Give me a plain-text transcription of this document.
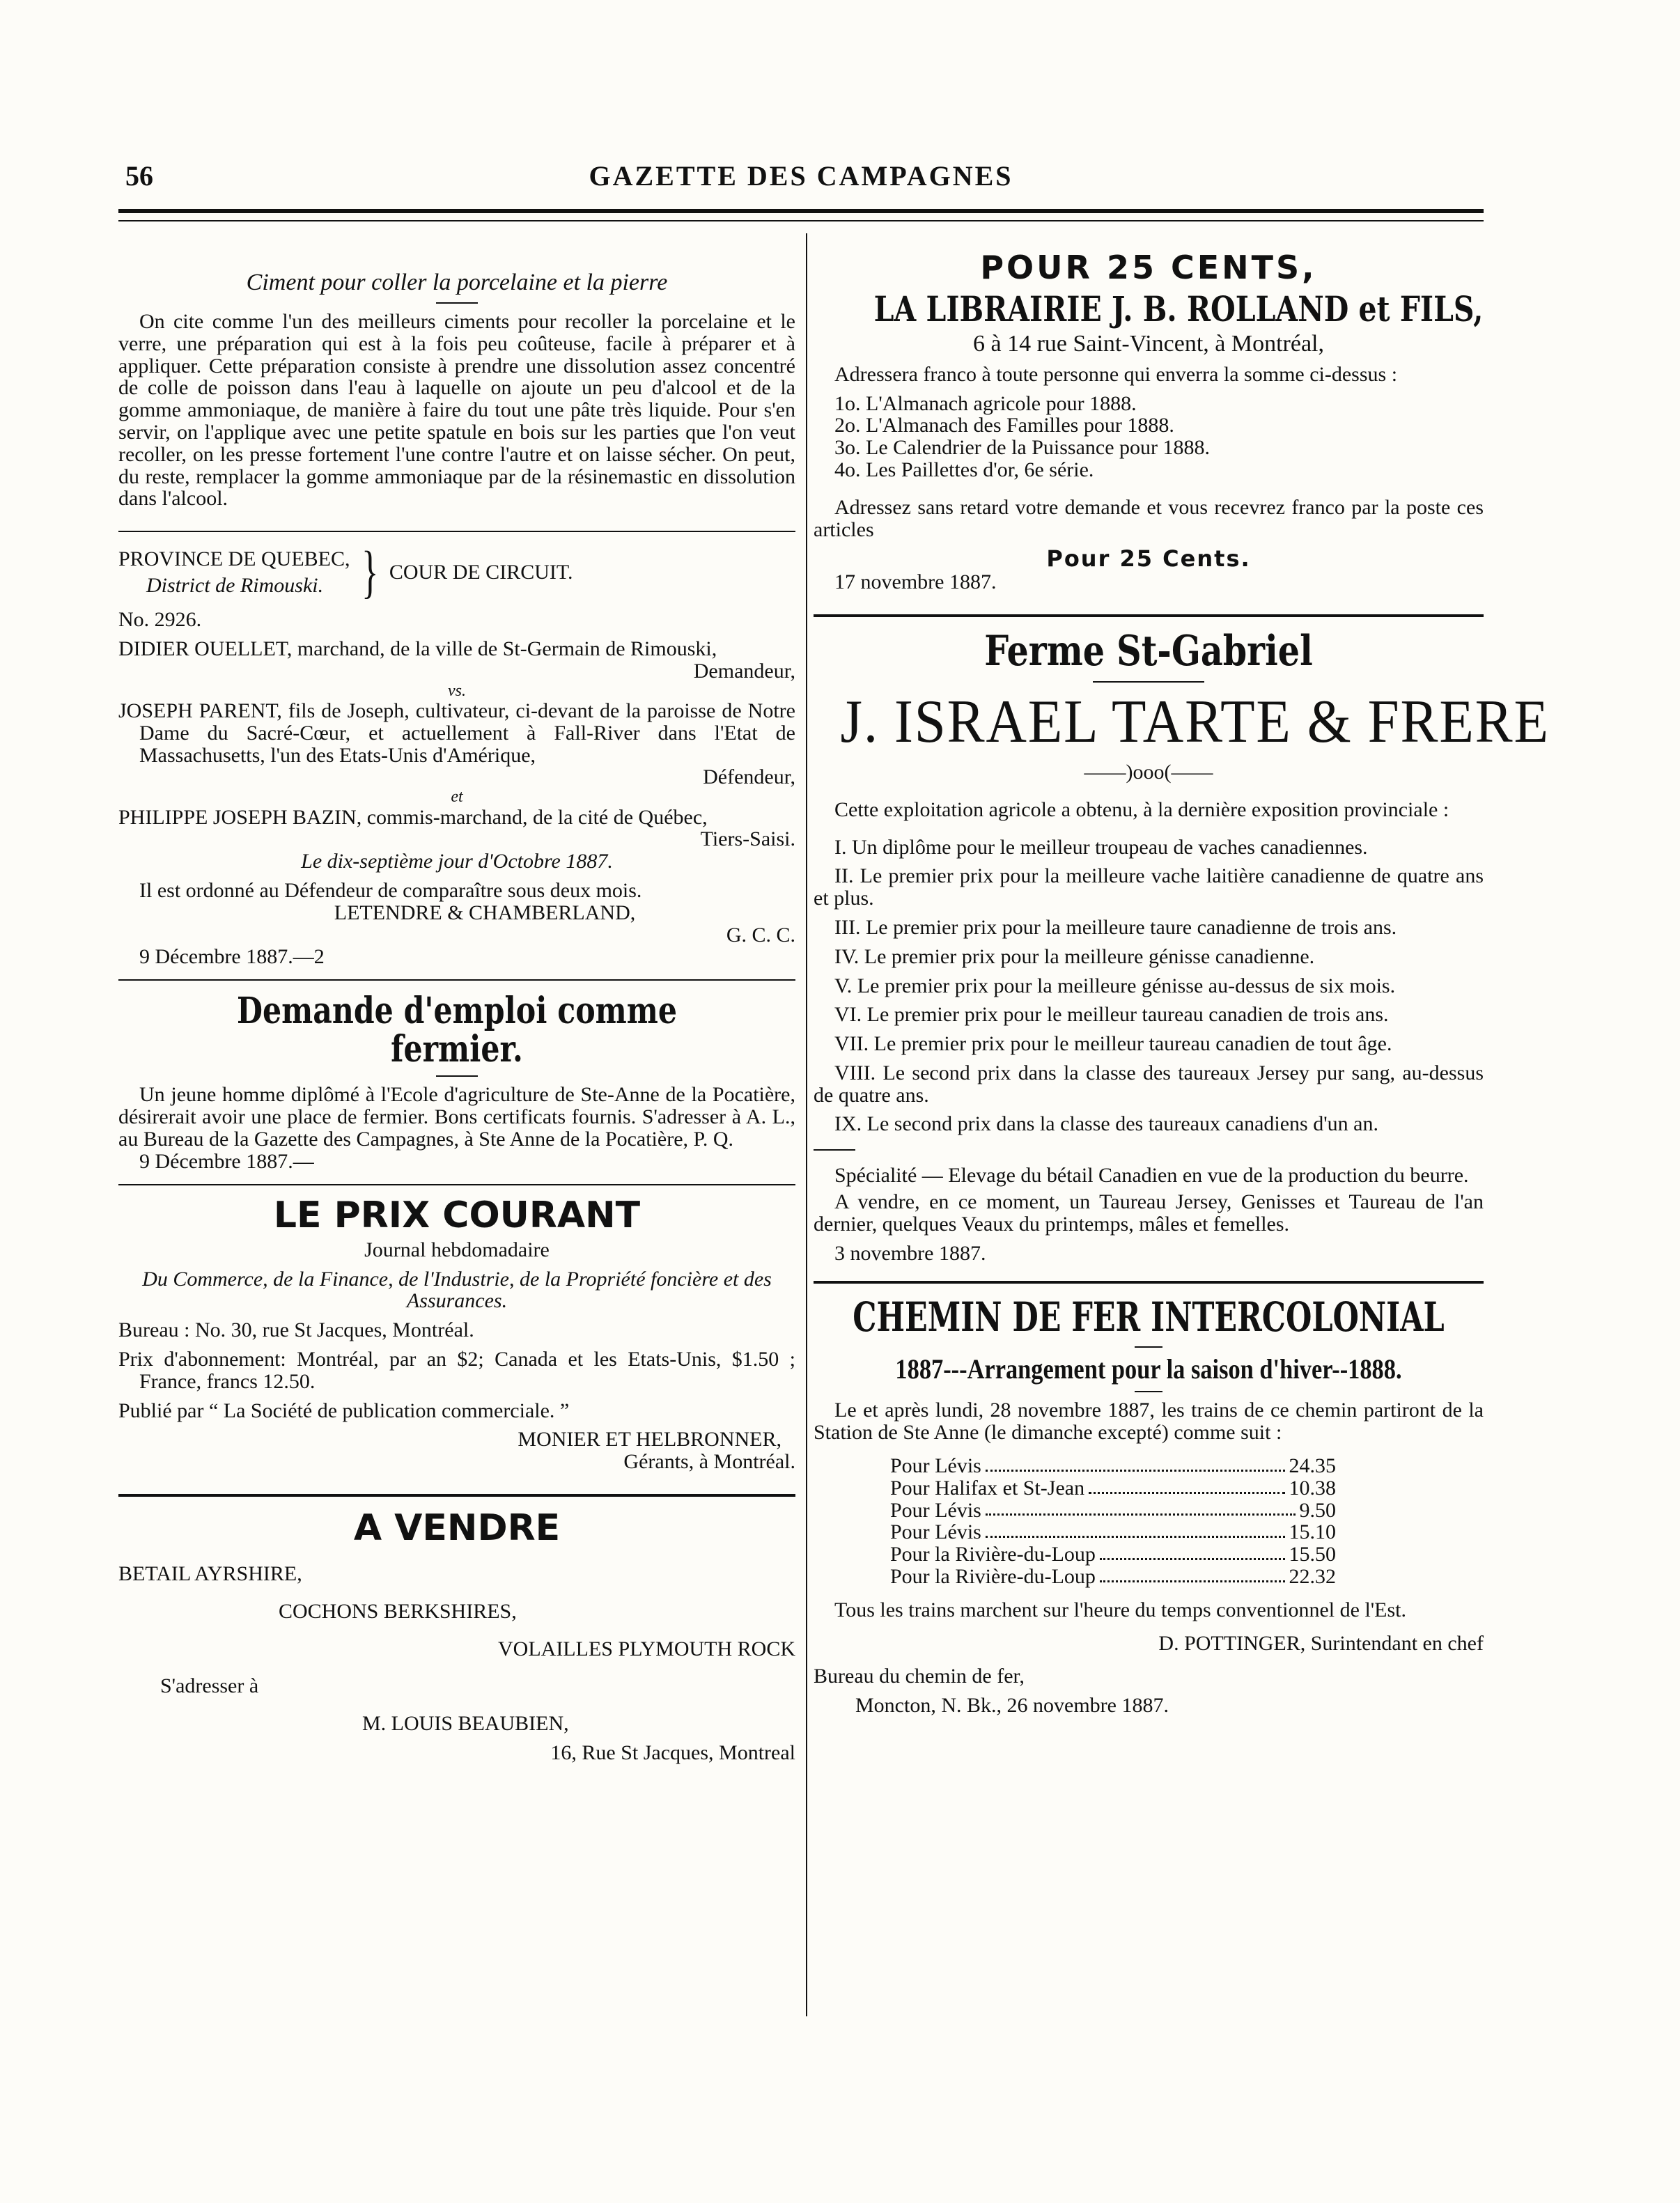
56	GAZETTE DES CAMPAGNES
Ciment pour coller la porcelaine et la pierre

On cite comme l'un des meilleurs ciments pour recoller la porcelaine et le verre, une préparation qui est à la fois peu coûteuse, facile à préparer et à appliquer. Cette préparation consiste à prendre une dissolution assez concentré de colle de poisson dans l'eau à laquelle on ajoute un peu d'alcool et de la gomme ammoniaque, de manière à faire du tout une pâte très liquide. Pour s'en servir, on l'applique avec une petite spatule en bois sur les parties que l'on veut recoller, on les presse fortement l'une contre l'autre et on laisse sécher. On peut, du reste, remplacer la gomme ammoniaque par de la résinemastic en dissolution dans l'alcool.

PROVINCE DE QUEBEC,
District de Rimouski. } COUR DE CIRCUIT.
No. 2926.

DIDIER OUELLET, marchand, de la ville de St-Germain de Rimouski,

Demandeur,
vs.

JOSEPH PARENT, fils de Joseph, cultivateur, ci-devant de la paroisse de Notre Dame du Sacré-Cœur, et actuellement à Fall-River dans l'Etat de Massachusetts, l'un des Etats-Unis d'Amérique,

Défendeur,
et

PHILIPPE JOSEPH BAZIN, commis-marchand, de la cité de Québec,

Tiers-Saisi.
Le dix-septième jour d'Octobre 1887.

Il est ordonné au Défendeur de comparaître sous deux mois.

LETENDRE & CHAMBERLAND,
G. C. C.
9 Décembre 1887.—2
Demande d'emploi comme fermier.

Un jeune homme diplômé à l'Ecole d'agriculture de Ste-Anne de la Pocatière, désirerait avoir une place de fermier. Bons certificats fournis. S'adresser à A. L., au Bureau de la Gazette des Campagnes, à Ste Anne de la Pocatière, P. Q.

9 Décembre 1887.—
LE PRIX COURANT
Journal hebdomadaire
Du Commerce, de la Finance, de l'Industrie, de la Propriété foncière et des Assurances.
Bureau : No. 30, rue St Jacques, Montréal.

Prix d'abonnement: Montréal, par an $2; Canada et les Etats-Unis, $1.50 ; France, francs 12.50.

Publié par “ La Société de publication commerciale. ”
MONIER ET HELBRONNER,
Gérants, à Montréal.
A VENDRE
BETAIL AYRSHIRE,
COCHONS BERKSHIRES,
VOLAILLES PLYMOUTH ROCK
S'adresser à
M. LOUIS BEAUBIEN,
16, Rue St Jacques, Montreal
POUR 25 CENTS,
LA LIBRAIRIE J. B. ROLLAND et FILS,
6 à 14 rue Saint-Vincent, à Montréal,

Adressera franco à toute personne qui enverra la somme ci-dessus :

1o. L'Almanach agricole pour 1888.
2o. L'Almanach des Familles pour 1888.
3o. Le Calendrier de la Puissance pour 1888.
4o. Les Paillettes d'or, 6e série.

Adressez sans retard votre demande et vous recevrez franco par la poste ces articles

Pour 25 Cents.
17 novembre 1887.
Ferme St-Gabriel
J. ISRAEL TARTE & FRERE
——)ooo(——

Cette exploitation agricole a obtenu, à la dernière exposition provinciale :

I. Un diplôme pour le meilleur troupeau de vaches canadiennes.

II. Le premier prix pour la meilleure vache laitière canadienne de quatre ans et plus.

III. Le premier prix pour la meilleure taure canadienne de trois ans.

IV. Le premier prix pour la meilleure génisse canadienne.

V. Le premier prix pour la meilleure génisse au-dessus de six mois.

VI. Le premier prix pour le meilleur taureau canadien de trois ans.

VII. Le premier prix pour le meilleur taureau canadien de tout âge.

VIII. Le second prix dans la classe des taureaux Jersey pur sang, au-dessus de quatre ans.

IX. Le second prix dans la classe des taureaux canadiens d'un an.

Spécialité — Elevage du bétail Canadien en vue de la production du beurre.

A vendre, en ce moment, un Taureau Jersey, Genisses et Taureau de l'an dernier, quelques Veaux du printemps, mâles et femelles.

3 novembre 1887.
CHEMIN DE FER INTERCOLONIAL
1887---Arrangement pour la saison d'hiver--1888.

Le et après lundi, 28 novembre 1887, les trains de ce chemin partiront de la Station de Ste Anne (le dimanche excepté) comme suit :

Pour Lévis	24.35
Pour Halifax et St-Jean	10.38
Pour Lévis	9.50
Pour Lévis	15.10
Pour la Rivière-du-Loup	15.50
Pour la Rivière-du-Loup	22.32

Tous les trains marchent sur l'heure du temps conventionnel de l'Est.

D. POTTINGER, Surintendant en chef
Bureau du chemin de fer,
Moncton, N. Bk., 26 novembre 1887.
